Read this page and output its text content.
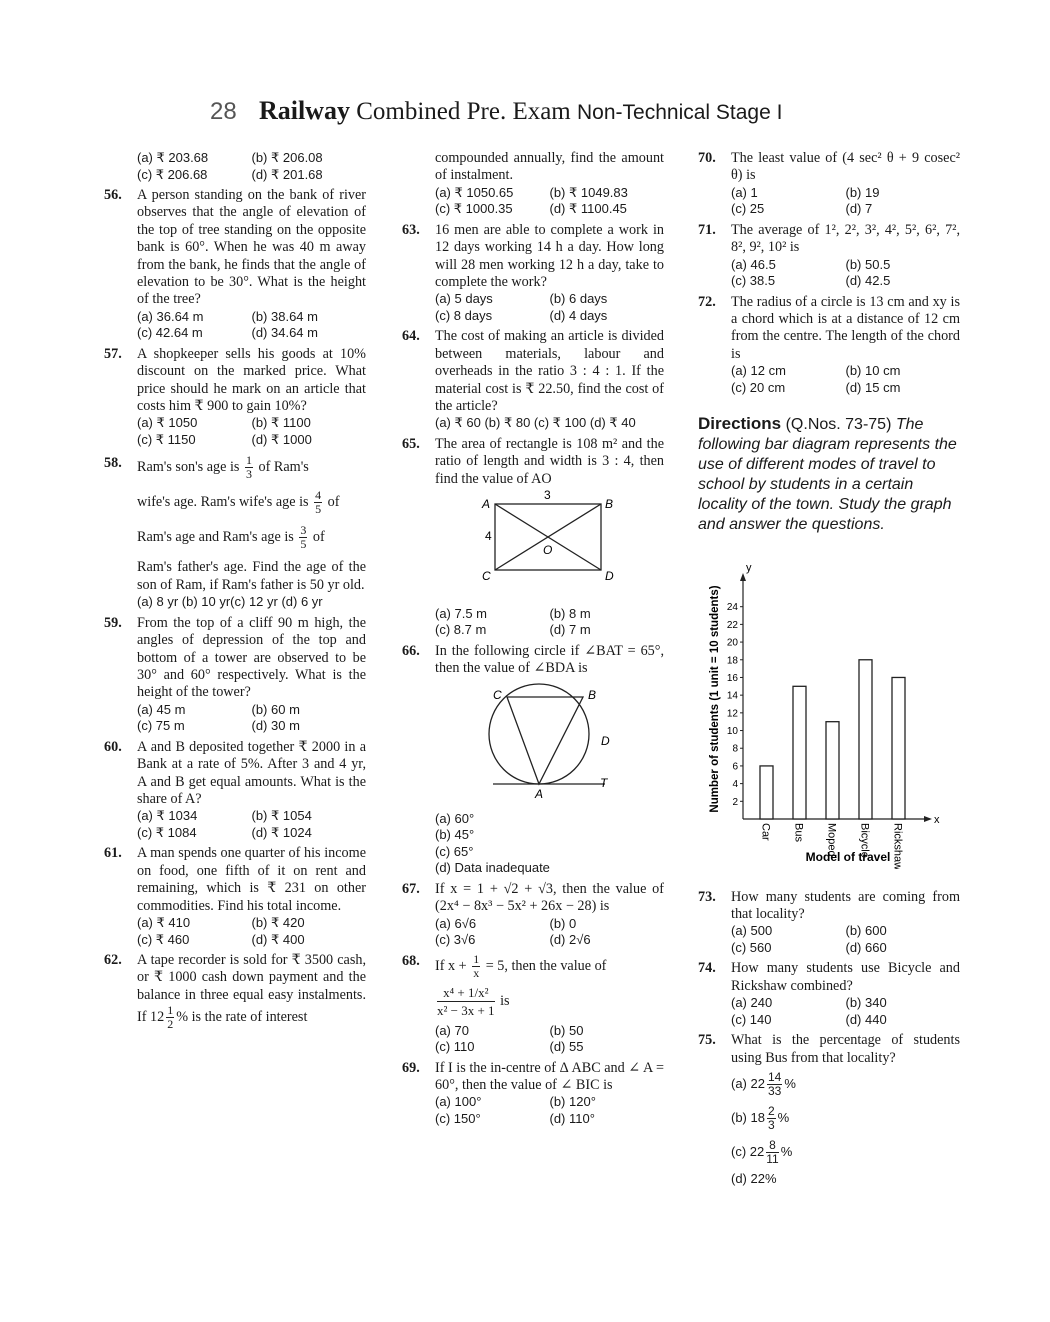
28 Railway Combined Pre. Exam Non-Technical Stage I
(a) ₹ 203.68	(b) ₹ 206.08
(c) ₹ 206.68	(d) ₹ 201.68
56. A person standing on the bank of river observes that the angle of elevation of the top of tree standing on the opposite bank is 60°. When he was 40 m away from the bank, he finds that the angle of elevation to be 30°. What is the height of the tree?
(a) 36.64 m	(b) 38.64 m
(c) 42.64 m	(d) 34.64 m
57. A shopkeeper sells his goods at 10% discount on the marked price. What price should he mark on an article that costs him ₹ 900 to gain 10%?
(a) ₹ 1050	(b) ₹ 1100
(c) ₹ 1150	(d) ₹ 1000
58. Ram's son's age is $\frac{1}{3}$ of Ram's
wife's age. Ram's wife's age is $\frac{4}{5}$ of
Ram's age and Ram's age is $\frac{3}{5}$ of
Ram's father's age. Find the age of the son of Ram, if Ram's father is 50 yr old.
(a) 8 yr (b) 10 yr(c) 12 yr (d) 6 yr
59. From the top of a cliff 90 m high, the angles of depression of the top and bottom of a tower are observed to be 30° and 60° respectively. What is the height of the tower?
(a) 45 m	(b) 60 m
(c) 75 m	(d) 30 m
60. A and B deposited together ₹ 2000 in a Bank at a rate of 5%. After 3 and 4 yr, A and B get equal amounts. What is the share of A?
(a) ₹ 1034	(b) ₹ 1054
(c) ₹ 1084	(d) ₹ 1024
61. A man spends one quarter of his income on food, one fifth of it on rent and remaining, which is ₹ 231 on other commodities. Find his total income.
(a) ₹ 410	(b) ₹ 420
(c) ₹ 460	(d) ₹ 400
62. A tape recorder is sold for ₹ 3500 cash, or ₹ 1000 cash down payment and the balance in three equal easy instalments. If $12 \frac{1}{2}$ % is the rate of interest
compounded annually, find the amount of instalment.
(a) ₹ 1050.65	(b) ₹ 1049.83
(c) ₹ 1000.35	(d) ₹ 1100.45
63. 16 men are able to complete a work in 12 days working 14 h a day. How long will 28 men working 12 h a day, take to complete the work?
(a) 5 days	(b) 6 days
(c) 8 days	(d) 4 days
64. The cost of making an article is divided between materials, labour and overheads in the ratio 3 : 4 : 1. If the material cost is ₹ 22.50, find the cost of the article?
(a) ₹ 60 (b) ₹ 80 (c) ₹ 100 (d) ₹ 40
65. The area of rectangle is 108 m² and the ratio of length and width is 3 : 4, then find the value of AO
A	B
C	D
O
3
4
(a) 7.5 m	(b) 8 m
(c) 8.7 m	(d) 7 m
66. In the following circle if ∠BAT = 65°, then the value of ∠BDA is
C	B
D
A
T
(a) 60°
(b) 45°
(c) 65°
(d) Data inadequate
67. If x = 1 + √2 + √3, then the value of (2x⁴ − 8x³ − 5x² + 26x − 28) is
(a) 6√6	(b) 0
(c) 3√6	(d) 2√6
68. If $x + \frac{1}{x} = 5$, then the value of
$\frac{\text{x⁴ + 1/x²}}{\text{x² − 3x + 1}}$ is
(a) 70	(b) 50
(c) 110	(d) 55
69. If I is the in-centre of Δ ABC and ∠ A = 60°, then the value of ∠ BIC is
(a) 100°	(b) 120°
(c) 150°	(d) 110°
70. The least value of (4 sec² θ + 9 cosec² θ) is
(a) 1	(b) 19
(c) 25	(d) 7
71. The average of 1², 2², 3², 4², 5², 6², 7², 8², 9², 10² is
(a) 46.5	(b) 50.5
(c) 38.5	(d) 42.5
72. The radius of a circle is 13 cm and xy is a chord which is at a distance of 12 cm from the centre. The length of the chord is
(a) 12 cm	(b) 10 cm
(c) 20 cm	(d) 15 cm
Directions (Q.Nos. 73-75) The following bar diagram represents the use of different modes of travel to school by students in a certain locality of the town. Study the graph and answer the questions.
y
x
2
4
6
8
10
12
14
16
18
20
22
24
Car Bus Moped Bicycle Rickshaw
Number of students (1 unit = 10 students)
Model of travel
73. How many students are coming from that locality?
(a) 500	(b) 600
(c) 560	(d) 660
74. How many students use Bicycle and Rickshaw combined?
(a) 240	(b) 340
(c) 140	(d) 440
75. What is the percentage of students using Bus from that locality?
(a) $22 \frac{14}{33}$ %
(b) $18 \frac{2}{3}$ %
(c) $22 \frac{8}{11}$ %
(d) 22%
